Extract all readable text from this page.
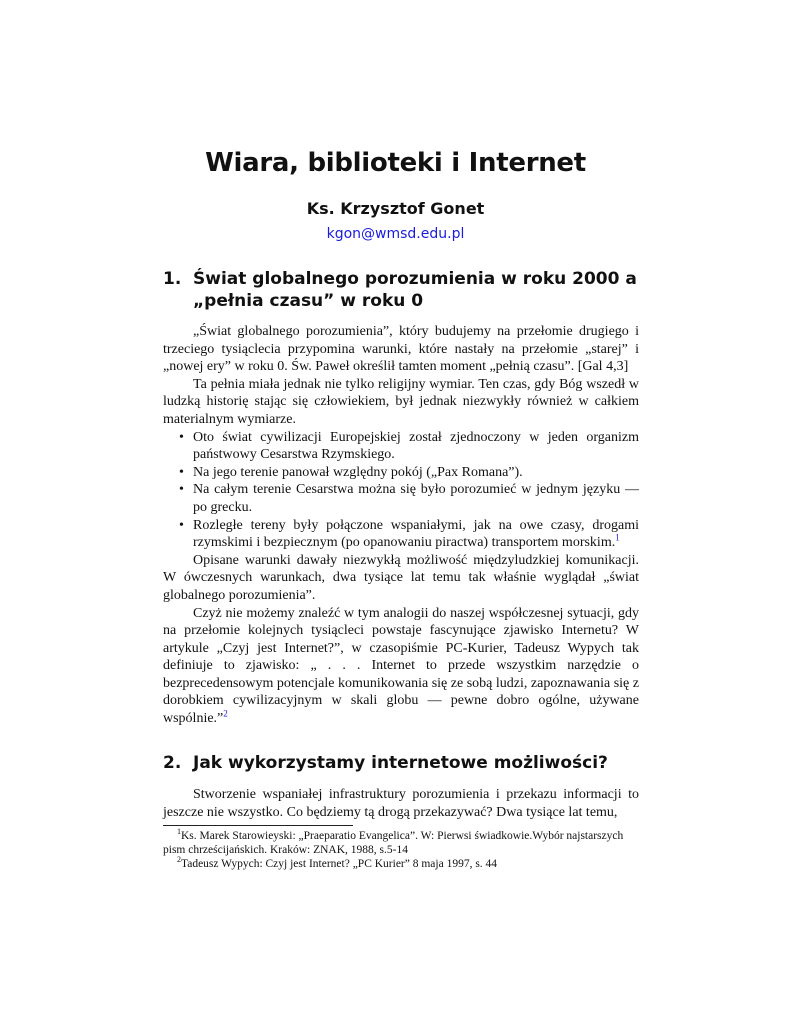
Wiara, biblioteki i Internet
Ks. Krzysztof Gonet
kgon@wmsd.edu.pl
1. Świat globalnego porozumienia w roku 2000 a „pełnia czasu” w roku 0

„Świat globalnego porozumienia”, który budujemy na przełomie drugiego i trzeciego tysiąclecia przypomina warunki, które nastały na przełomie „starej” i „nowej ery” w roku 0. Św. Paweł określił tamten moment „pełnią czasu”. [Gal 4,3]

Ta pełnia miała jednak nie tylko religijny wymiar. Ten czas, gdy Bóg wszedł w ludzką historię stając się człowiekiem, był jednak niezwykły również w całkiem materialnym wymiarze.

• Oto świat cywilizacji Europejskiej został zjednoczony w jeden organizm państwowy Cesarstwa Rzymskiego.
• Na jego terenie panował względny pokój („Pax Romana”).
• Na całym terenie Cesarstwa można się było porozumieć w jednym języku — po grecku.
• Rozległe tereny były połączone wspaniałymi, jak na owe czasy, drogami rzymskimi i bezpiecznym (po opanowaniu piractwa) transportem morskim.$^1$

Opisane warunki dawały niezwykłą możliwość międzyludzkiej komunikacji. W ówczesnych warunkach, dwa tysiące lat temu tak właśnie wyglądał „świat globalnego porozumienia”.

Czyż nie możemy znaleźć w tym analogii do naszej współczesnej sytuacji, gdy na przełomie kolejnych tysiącleci powstaje fascynujące zjawisko Internetu? W artykule „Czyj jest Internet?”, w czasopiśmie PC-Kurier, Tadeusz Wypych tak definiuje to zjawisko: „ . . . Internet to przede wszystkim narzędzie o bezprecedensowym potencjale komunikowania się ze sobą ludzi, zapoznawania się z dorobkiem cywilizacyjnym w skali globu — pewne dobro ogólne, używane wspólnie.”$^2$

2. Jak wykorzystamy internetowe możliwości?

Stworzenie wspaniałej infrastruktury porozumienia i przekazu informacji to jeszcze nie wszystko. Co będziemy tą drogą przekazywać? Dwa tysiące lat temu,

$^1$Ks. Marek Starowieyski: „Praeparatio Evangelica”. W: Pierwsi świadkowie.Wybór najstarszych pism chrześcijańskich. Kraków: ZNAK, 1988, s.5-14

$^2$Tadeusz Wypych: Czyj jest Internet? „PC Kurier” 8 maja 1997, s. 44
